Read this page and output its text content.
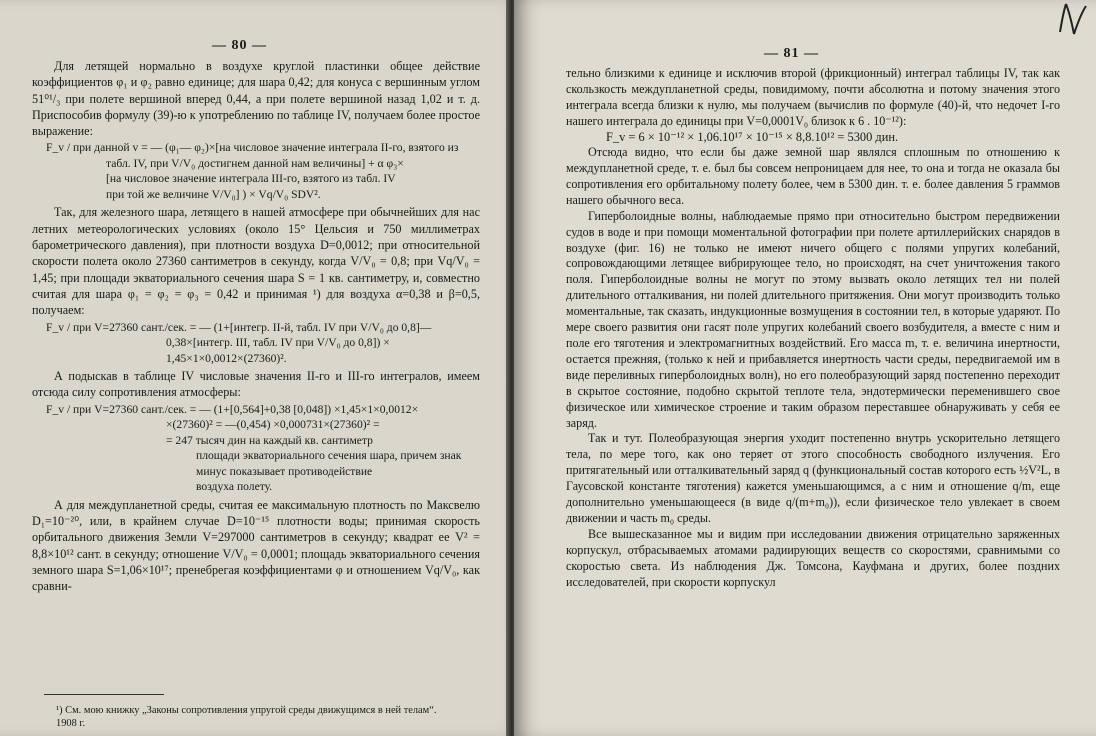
— 80 —

Для летящей нормально в воздухе круглой пластинки общее действие коэффициентов φ₁ и φ₂ равно единице; для шара 0,42; для конуса с вершинным углом 51⁰¹/₃ при полете вершиной вперед 0,44, а при полете вершиной назад 1,02 и т. д. Приспособив формулу (39)-ю к употреблению по таблице IV, получаем более простое выражение:

F_v / при данной v = — (φ₁— φ₂)×[на числовое значение интеграла II-го, взятого из
табл. IV, при V/V₀ достигнем данной нам величины] + α φ₃×
[на числовое значение интеграла III-го, взятого из табл. IV
при той же величине V/V₀] ) × Vq/V₀ SDV².

Так, для железного шара, летящего в нашей атмосфере при обычнейших для нас летних метеорологических условиях (около 15° Цельсия и 750 миллиметрах барометрического давления), при плотности воздуха D=0,0012; при относительной скорости полета около 27360 сантиметров в секунду, когда V/V₀ = 0,8; при Vq/V₀ = 1,45; при площади экваториального сечения шара S = 1 кв. сантиметру, и, совместно считая для шара φ₁ = φ₂ = φ₃ = 0,42 и принимая ¹) для воздуха α=0,38 и β=0,5, получаем:

F_v / при V=27360 сант./сек. = — (1+[интегр. II-й, табл. IV при V/V₀ до 0,8]—
0,38×[интегр. III, табл. IV при V/V₀ до 0,8]) ×
1,45×1×0,0012×(27360)².

А подыскав в таблице IV числовые значения II-го и III-го интегралов, имеем отсюда силу сопротивления атмосферы:

F_v / при V=27360 сант./сек. = — (1+[0,564]+0,38 [0,048]) ×1,45×1×0,0012×
×(27360)² = —(0,454) ×0,000731×(27360)² =
= 247 тысяч дин на каждый кв. сантиметр
площади экваториального сечения шара, причем знак минус показывает противодействие
воздуха полету.

А для междупланетной среды, считая ее максимальную плотность по Максвелю D₁=10⁻²⁰, или, в крайнем случае D=10⁻¹⁵ плотности воды; принимая скорость орбитального движения Земли V=297000 сантиметров в секунду; квадрат ее V² = 8,8×10¹² сант. в секунду; отношение V/V₀ = 0,0001; площадь экваториального сечения земного шара S=1,06×10¹⁷; пренебрегая коэффициентами φ и отношением Vq/V₀, как сравни-

¹) См. мою книжку „Законы сопротивления упругой среды движущимся в ней телам“. 1908 г.
— 81 —

тельно близкими к единице и исключив второй (фрикционный) интеграл таблицы IV, так как скользкость междупланетной среды, повидимому, почти абсолютна и потому значения этого интеграла всегда близки к нулю, мы получаем (вычислив по формуле (40)-й, что недочет I-го нашего интеграла до единицы при V=0,0001V₀ близок к 6 . 10⁻¹²):

F_v = 6 × 10⁻¹² × 1,06.10¹⁷ × 10⁻¹⁵ × 8,8.10¹² = 5300 дин.

Отсюда видно, что если бы даже земной шар являлся сплошным по отношению к междупланетной среде, т. е. был бы совсем непроницаем для нее, то она и тогда не оказала бы сопротивления его орбитальному полету более, чем в 5300 дин. т. е. более давления 5 граммов нашего обычного веса.

Гиперболоидные волны, наблюдаемые прямо при относительно быстром передвижении судов в воде и при помощи моментальной фотографии при полете артиллерийских снарядов в воздухе (фиг. 16) не только не имеют ничего общего с полями упругих колебаний, сопровождающими летящее вибрирующее тело, но происходят, на счет уничтожения такого поля. Гиперболоидные волны не могут по этому вызвать около летящих тел ни полей длительного отталкивания, ни полей длительного притяжения. Они могут производить только моментальные, так сказать, индукционные возмущения в состоянии тел, в которые ударяют. По мере своего развития они гасят поле упругих колебаний своего возбудителя, а вместе с ним и поле его тяготения и электромагнитных воздействий. Его масса m, т. е. величина инертности, остается прежняя, (только к ней и прибавляется инертность части среды, передвигаемой им в виде переливных гиперболоидных волн), но его полеобразующий заряд постепенно переходит в скрытое состояние, подобно скрытой теплоте тела, эндотермически переменившего свое физическое или химическое строение и таким образом переставшее обнаруживать у себя ее заряд.

Так и тут. Полеобразующая энергия уходит постепенно внутрь ускорительно летящего тела, по мере того, как оно теряет от этого способность свободного излучения. Его притягательный или отталкивательный заряд q (функциональный состав которого есть ½V²L, в Гаусовской константе тяготения) кажется уменьшающимся, а с ним и отношение q/m, еще дополнительно уменьшающееся (в виде q/(m+m₀)), если физическое тело увлекает в своем движении и часть m₀ среды.

Все вышесказанное мы и видим при исследовании движения отрицательно заряженных корпускул, отбрасываемых атомами радиирующих веществ со скоростями, сравнимыми со скоростью света. Из наблюдения Дж. Томсона, Кауфмана и других, более поздних исследователей, при скорости корпускул
